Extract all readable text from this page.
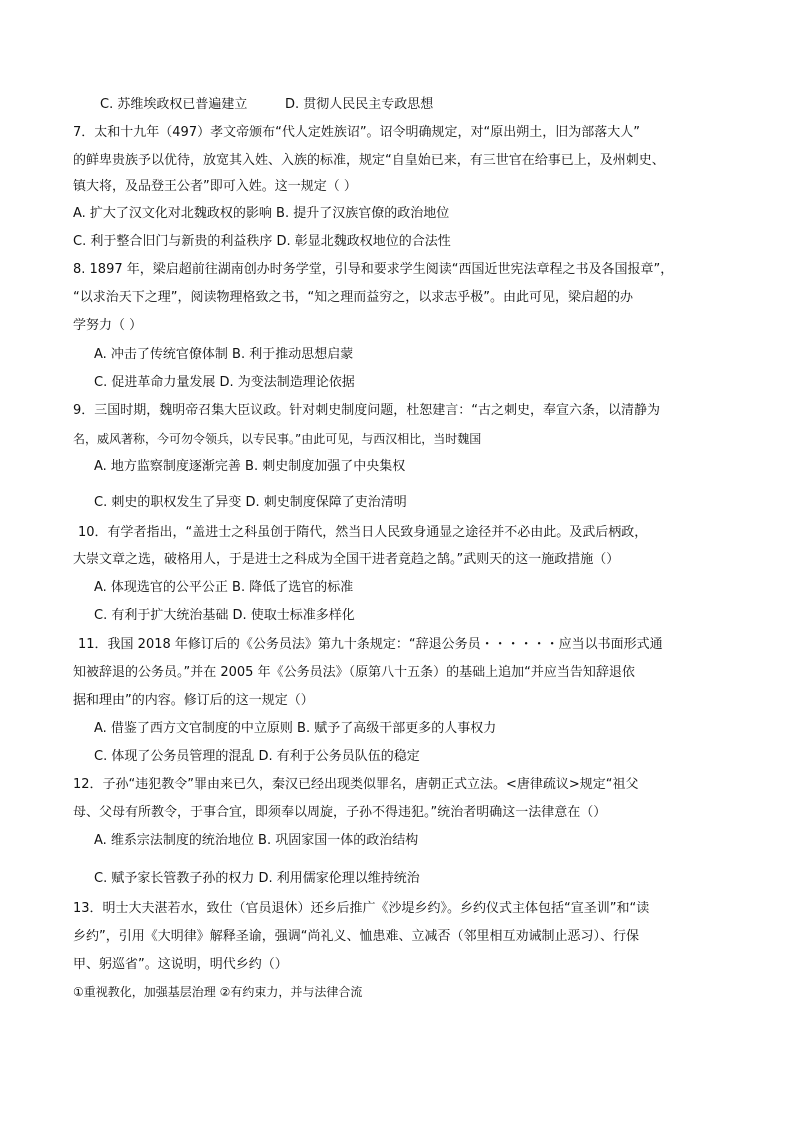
C. 苏维埃政权已普遍建立	D. 贯彻人民民主专政思想
7．太和十九年（497）孝文帝颁布“代人定姓族诏”。诏令明确规定，对“原出朔土，旧为部落大人”
的鲜卑贵族予以优待，放宽其入姓、入族的标准，规定“自皇始已来，有三世官在给事已上，及州刺史、
镇大将，及品登王公者”即可入姓。这一规定（ ）
A. 扩大了汉文化对北魏政权的影响 B. 提升了汉族官僚的政治地位
C. 利于整合旧门与新贵的利益秩序 D. 彰显北魏政权地位的合法性
8. 1897 年，梁启超前往湖南创办时务学堂，引导和要求学生阅读“西国近世宪法章程之书及各国报章”，
“以求治天下之理”，阅读物理格致之书，“知之理而益穷之，以求志乎极”。由此可见，梁启超的办
学努力（ ）
A. 冲击了传统官僚体制 B. 利于推动思想启蒙
C. 促进革命力量发展 D. 为变法制造理论依据
9．三国时期，魏明帝召集大臣议政。针对刺史制度问题，杜恕建言：“古之刺史，奉宣六条，以清静为
名，威风著称，今可勿令领兵，以专民事。”由此可见，与西汉相比，当时魏国
A. 地方监察制度逐渐完善 B. 刺史制度加强了中央集权
C. 刺史的职权发生了异变 D. 刺史制度保障了吏治清明
10．有学者指出，“盖进士之科虽创于隋代，然当日人民致身通显之途径并不必由此。及武后柄政，
大崇文章之选，破格用人，于是进士之科成为全国干进者竟趋之鹄。”武则天的这一施政措施（）
A. 体现选官的公平公正 B. 降低了选官的标准
C. 有利于扩大统治基础 D. 使取士标准多样化
11．我国 2018 年修订后的《公务员法》第九十条规定：“辞退公务员・・・・・・应当以书面形式通
知被辞退的公务员。”并在 2005 年《公务员法》（原第八十五条）的基础上追加“并应当告知辞退依
据和理由”的内容。修订后的这一规定（）
A. 借鉴了西方文官制度的中立原则 B. 赋予了高级干部更多的人事权力
C. 体现了公务员管理的混乱 D. 有利于公务员队伍的稳定
12．子孙“违犯教令”罪由来已久，秦汉已经出现类似罪名，唐朝正式立法。<唐律疏议>规定“祖父
母、父母有所教令，于事合宜，即须奉以周旋，子孙不得违犯。”统治者明确这一法律意在（）
A. 维系宗法制度的统治地位 B. 巩固家国一体的政治结构
C. 赋予家长管教子孙的权力 D. 利用儒家伦理以维持统治
13．明士大夫湛若水，致仕（官员退休）还乡后推广《沙堤乡约》。乡约仪式主体包括“宣圣训”和“读
乡约”，引用《大明律》解释圣谕，强调“尚礼义、恤患难、立减否（邻里相互劝诫制止恶习）、行保
甲、躬巡省”。这说明，明代乡约（）
①重视教化，加强基层治理 ②有约束力，并与法律合流
